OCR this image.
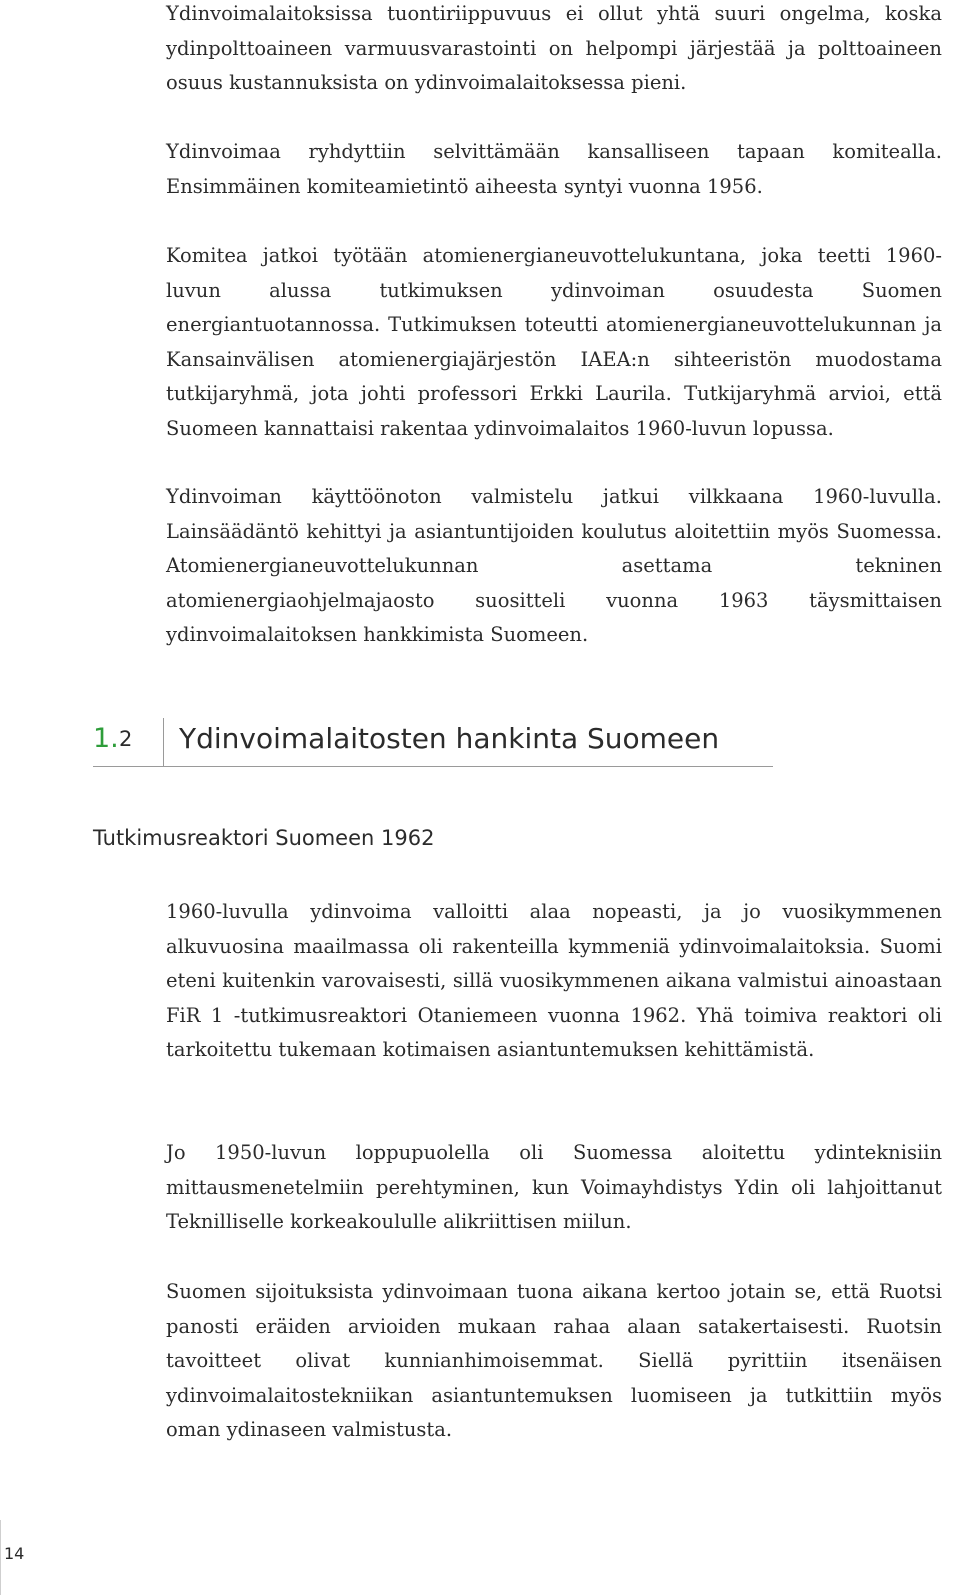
Ydinvoimalaitoksissa tuontiriippuvuus ei ollut yhtä suuri ongelma, koska ydinpolttoaineen varmuusvarastointi on helpompi järjestää ja polttoaineen osuus kustannuksista on ydinvoimalaitoksessa pieni.

Ydinvoimaa ryhdyttiin selvittämään kansalliseen tapaan komitealla. Ensimmäinen komiteamietintö aiheesta syntyi vuonna 1956.

Komitea jatkoi työtään atomienergianeuvottelukuntana, joka teetti 1960-luvun alussa tutkimuksen ydinvoiman osuudesta Suomen energiantuotannossa. Tutkimuksen toteutti atomienergianeuvottelukunnan ja Kansainvälisen atomienergiajärjestön IAEA:n sihteeristön muodostama tutkijaryhmä, jota johti professori Erkki Laurila. Tutkijaryhmä arvioi, että Suomeen kannattaisi rakentaa ydinvoimalaitos 1960-luvun lopussa.

Ydinvoiman käyttöönoton valmistelu jatkui vilkkaana 1960-luvulla. Lainsäädäntö kehittyi ja asiantuntijoiden koulutus aloitettiin myös Suomessa. Atomienergianeuvottelukunnan asettama tekninen atomienergiaohjelmajaosto suositteli vuonna 1963 täysmittaisen ydinvoimalaitoksen hankkimista Suomeen.

1. 2 Ydinvoimalaitosten hankinta Suomeen
Tutkimusreaktori Suomeen 1962

1960-luvulla ydinvoima valloitti alaa nopeasti, ja jo vuosikymmenen alkuvuosina maailmassa oli rakenteilla kymmeniä ydinvoimalaitoksia. Suomi eteni kuitenkin varovaisesti, sillä vuosikymmenen aikana valmistui ainoastaan FiR 1 -tutkimusreaktori Otaniemeen vuonna 1962. Yhä toimiva reaktori oli tarkoitettu tukemaan kotimaisen asiantuntemuksen kehittämistä.

Jo 1950-luvun loppupuolella oli Suomessa aloitettu ydinteknisiin mittausmenetelmiin perehtyminen, kun Voimayhdistys Ydin oli lahjoittanut Teknilliselle korkeakoululle alikriittisen miilun.

Suomen sijoituksista ydinvoimaan tuona aikana kertoo jotain se, että Ruotsi panosti eräiden arvioiden mukaan rahaa alaan satakertaisesti. Ruotsin tavoitteet olivat kunnianhimoisemmat. Siellä pyrittiin itsenäisen ydinvoimalaitostekniikan asiantuntemuksen luomiseen ja tutkittiin myös oman ydinaseen valmistusta.

14
